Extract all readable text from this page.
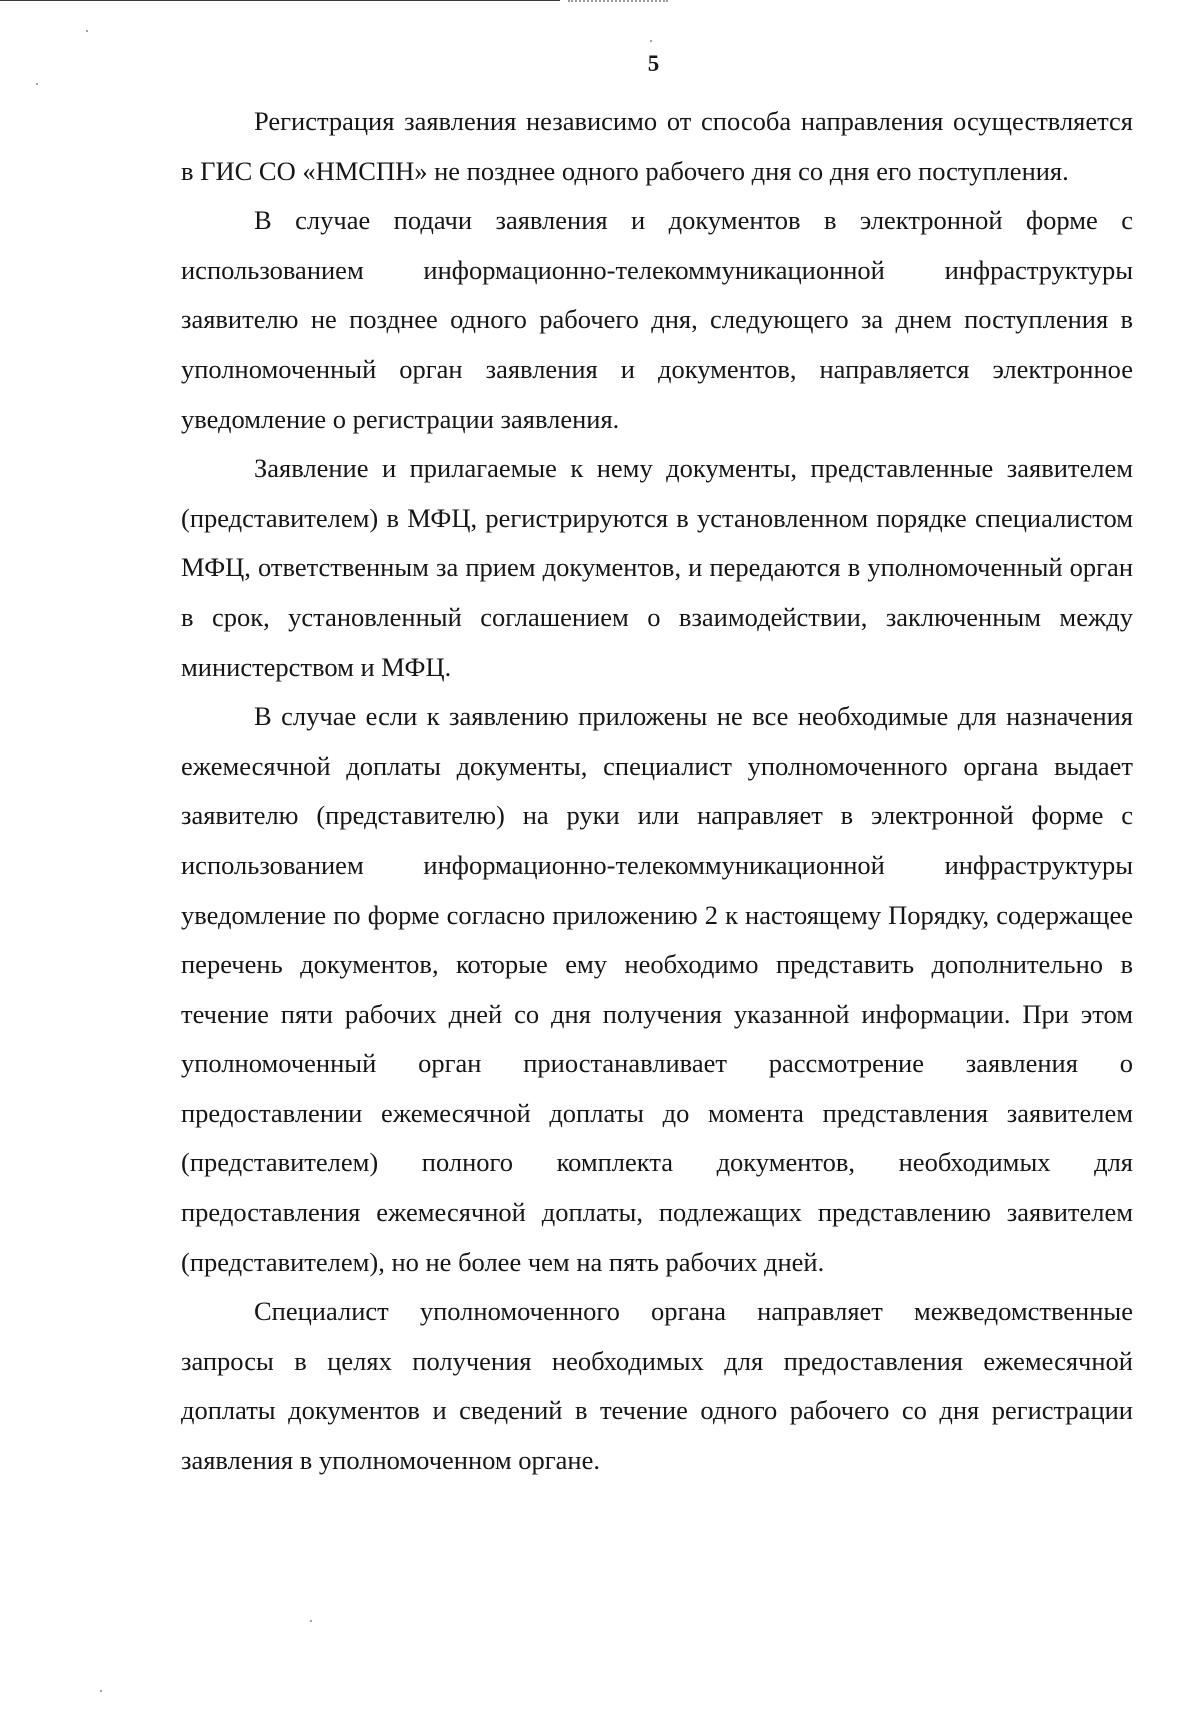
5

Регистрация заявления независимо от способа направления осуществляется в ГИС СО «НМСПН» не позднее одного рабочего дня со дня его поступления.

В случае подачи заявления и документов в электронной форме с использованием информационно-телекоммуникационной инфраструктуры заявителю не позднее одного рабочего дня, следующего за днем поступления в уполномоченный орган заявления и документов, направляется электронное уведомление о регистрации заявления.

Заявление и прилагаемые к нему документы, представленные заявителем (представителем) в МФЦ, регистрируются в установленном порядке специалистом МФЦ, ответственным за прием документов, и передаются в уполномоченный орган в срок, установленный соглашением о взаимодействии, заключенным между министерством и МФЦ.

В случае если к заявлению приложены не все необходимые для назначения ежемесячной доплаты документы, специалист уполномоченного органа выдает заявителю (представителю) на руки или направляет в электронной форме с использованием информационно-телекоммуникационной инфраструктуры уведомление по форме согласно приложению 2 к настоящему Порядку, содержащее перечень документов, которые ему необходимо представить дополнительно в течение пяти рабочих дней со дня получения указанной информации. При этом уполномоченный орган приостанавливает рассмотрение заявления о предоставлении ежемесячной доплаты до момента представления заявителем (представителем) полного комплекта документов, необходимых для предоставления ежемесячной доплаты, подлежащих представлению заявителем (представителем), но не более чем на пять рабочих дней.

Специалист уполномоченного органа направляет межведомственные запросы в целях получения необходимых для предоставления ежемесячной доплаты документов и сведений в течение одного рабочего со дня регистрации заявления в уполномоченном органе.
